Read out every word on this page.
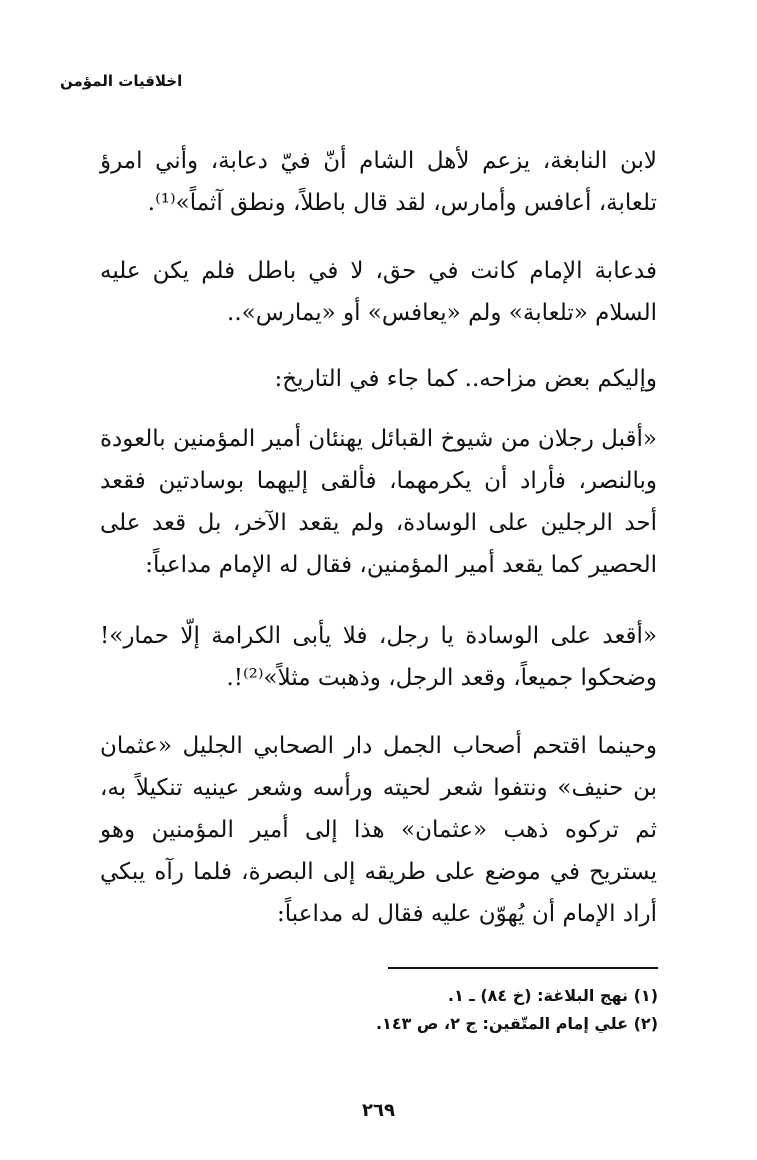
اخلاقيات المؤمن
لابن النابغة، يزعم لأهل الشام أنّ فيّ دعابة، وأني امرؤ تلعابة، أعافس وأمارس، لقد قال باطلاً، ونطق آثماً»⁽¹⁾.
فدعابة الإمام كانت في حق، لا في باطل فلم يكن عليه السلام «تلعابة» ولم «يعافس» أو «يمارس»..
وإليكم بعض مزاحه.. كما جاء في التاريخ:
«أقبل رجلان من شيوخ القبائل يهنئان أمير المؤمنين بالعودة وبالنصر، فأراد أن يكرمهما، فألقى إليهما بوسادتين فقعد أحد الرجلين على الوسادة، ولم يقعد الآخر، بل قعد على الحصير كما يقعد أمير المؤمنين، فقال له الإمام مداعباً:
«أقعد على الوسادة يا رجل، فلا يأبى الكرامة إلّا حمار»! وضحكوا جميعاً، وقعد الرجل، وذهبت مثلاً»⁽²⁾!.
وحينما اقتحم أصحاب الجمل دار الصحابي الجليل «عثمان بن حنيف» ونتفوا شعر لحيته ورأسه وشعر عينيه تنكيلاً به، ثم تركوه ذهب «عثمان» هذا إلى أمير المؤمنين وهو يستريح في موضع على طريقه إلى البصرة، فلما رآه يبكي أراد الإمام أن يُهوّن عليه فقال له مداعباً:
(١) نهج البلاغة: (خ ٨٤) ـ ١.
(٢) علي إمام المتّقين: ج ٢، ص ١٤٣.
٢٦٩
